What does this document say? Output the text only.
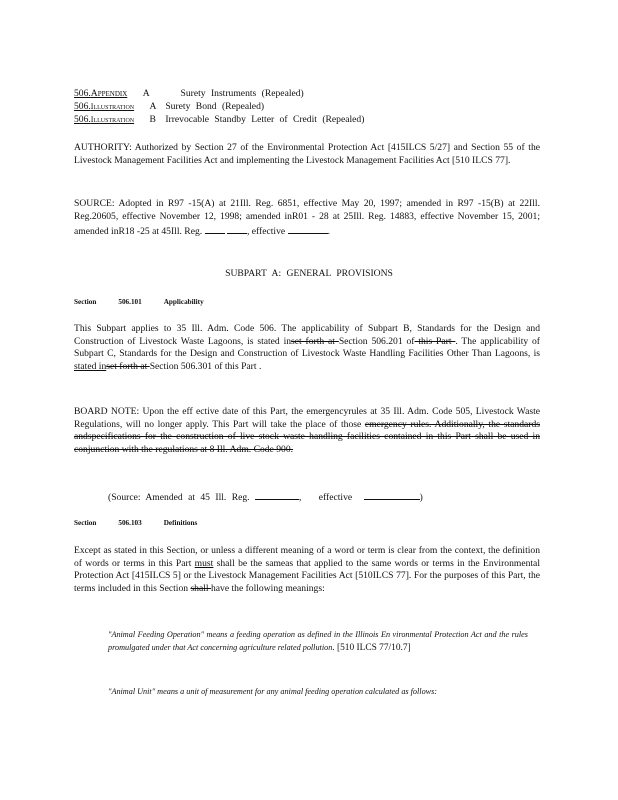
506.Appendix A	Surety Instruments (Repealed)
506.Illustration A Surety Bond (Repealed)
506.Illustration B Irrevocable Standby Letter of Credit (Repealed)
AUTHORITY: Authorized by Section 27 of the Environmental Protection Act [415ILCS 5/27] and Section 55 of the Livestock Management Facilities Act and implementing the Livestock Management Facilities Act [510 ILCS 77].
SOURCE: Adopted in R97 -15(A) at 21Ill. Reg. 6851, effective May 20, 1997; amended in R97 -15(B) at 22Ill. Reg.20605, effective November 12, 1998; amended inR01 - 28 at 25Ill. Reg. 14883, effective November 15, 2001; amended inR18 -25 at 45Ill. Reg.	, effective	.
SUBPART A: GENERAL PROVISIONS
Section	506.101	Applicability
This Subpart applies to 35 Ill. Adm. Code 506. The applicability of Subpart B, Standards for the Design and Construction of Livestock Waste Lagoons, is stated inset forth at Section 506.201 of this Part . The applicability of Subpart C, Standards for the Design and Construction of Livestock Waste Handling Facilities Other Than Lagoons, is stated inset forth at Section 506.301 of this Part .
BOARD NOTE: Upon the eff ective date of this Part, the emergencyrules at 35 Ill. Adm. Code 505, Livestock Waste Regulations, will no longer apply. This Part will take the place of those emergency rules. Additionally, the standards andspecifications for the construction of live stock waste handling facilities contained in this Part shall be used in conjunction with the regulations at 8 Ill. Adm. Code 900.
(Source: Amended at 45 Ill. Reg.	, effective	)
Section	506.103	Definitions
Except as stated in this Section, or unless a different meaning of a word or term is clear from the context, the definition of words or terms in this Part must shall be the sameas that applied to the same words or terms in the Environmental Protection Act [415ILCS 5] or the Livestock Management Facilities Act [510ILCS 77]. For the purposes of this Part, the terms included in this Section shall have the following meanings:
"Animal Feeding Operation" means a feeding operation as defined in the Illinois En vironmental Protection Act and the rules promulgated under that Act concerning agriculture related pollution. [510 ILCS 77/10.7]
"Animal Unit" means a unit of measurement for any animal feeding operation calculated as follows:
